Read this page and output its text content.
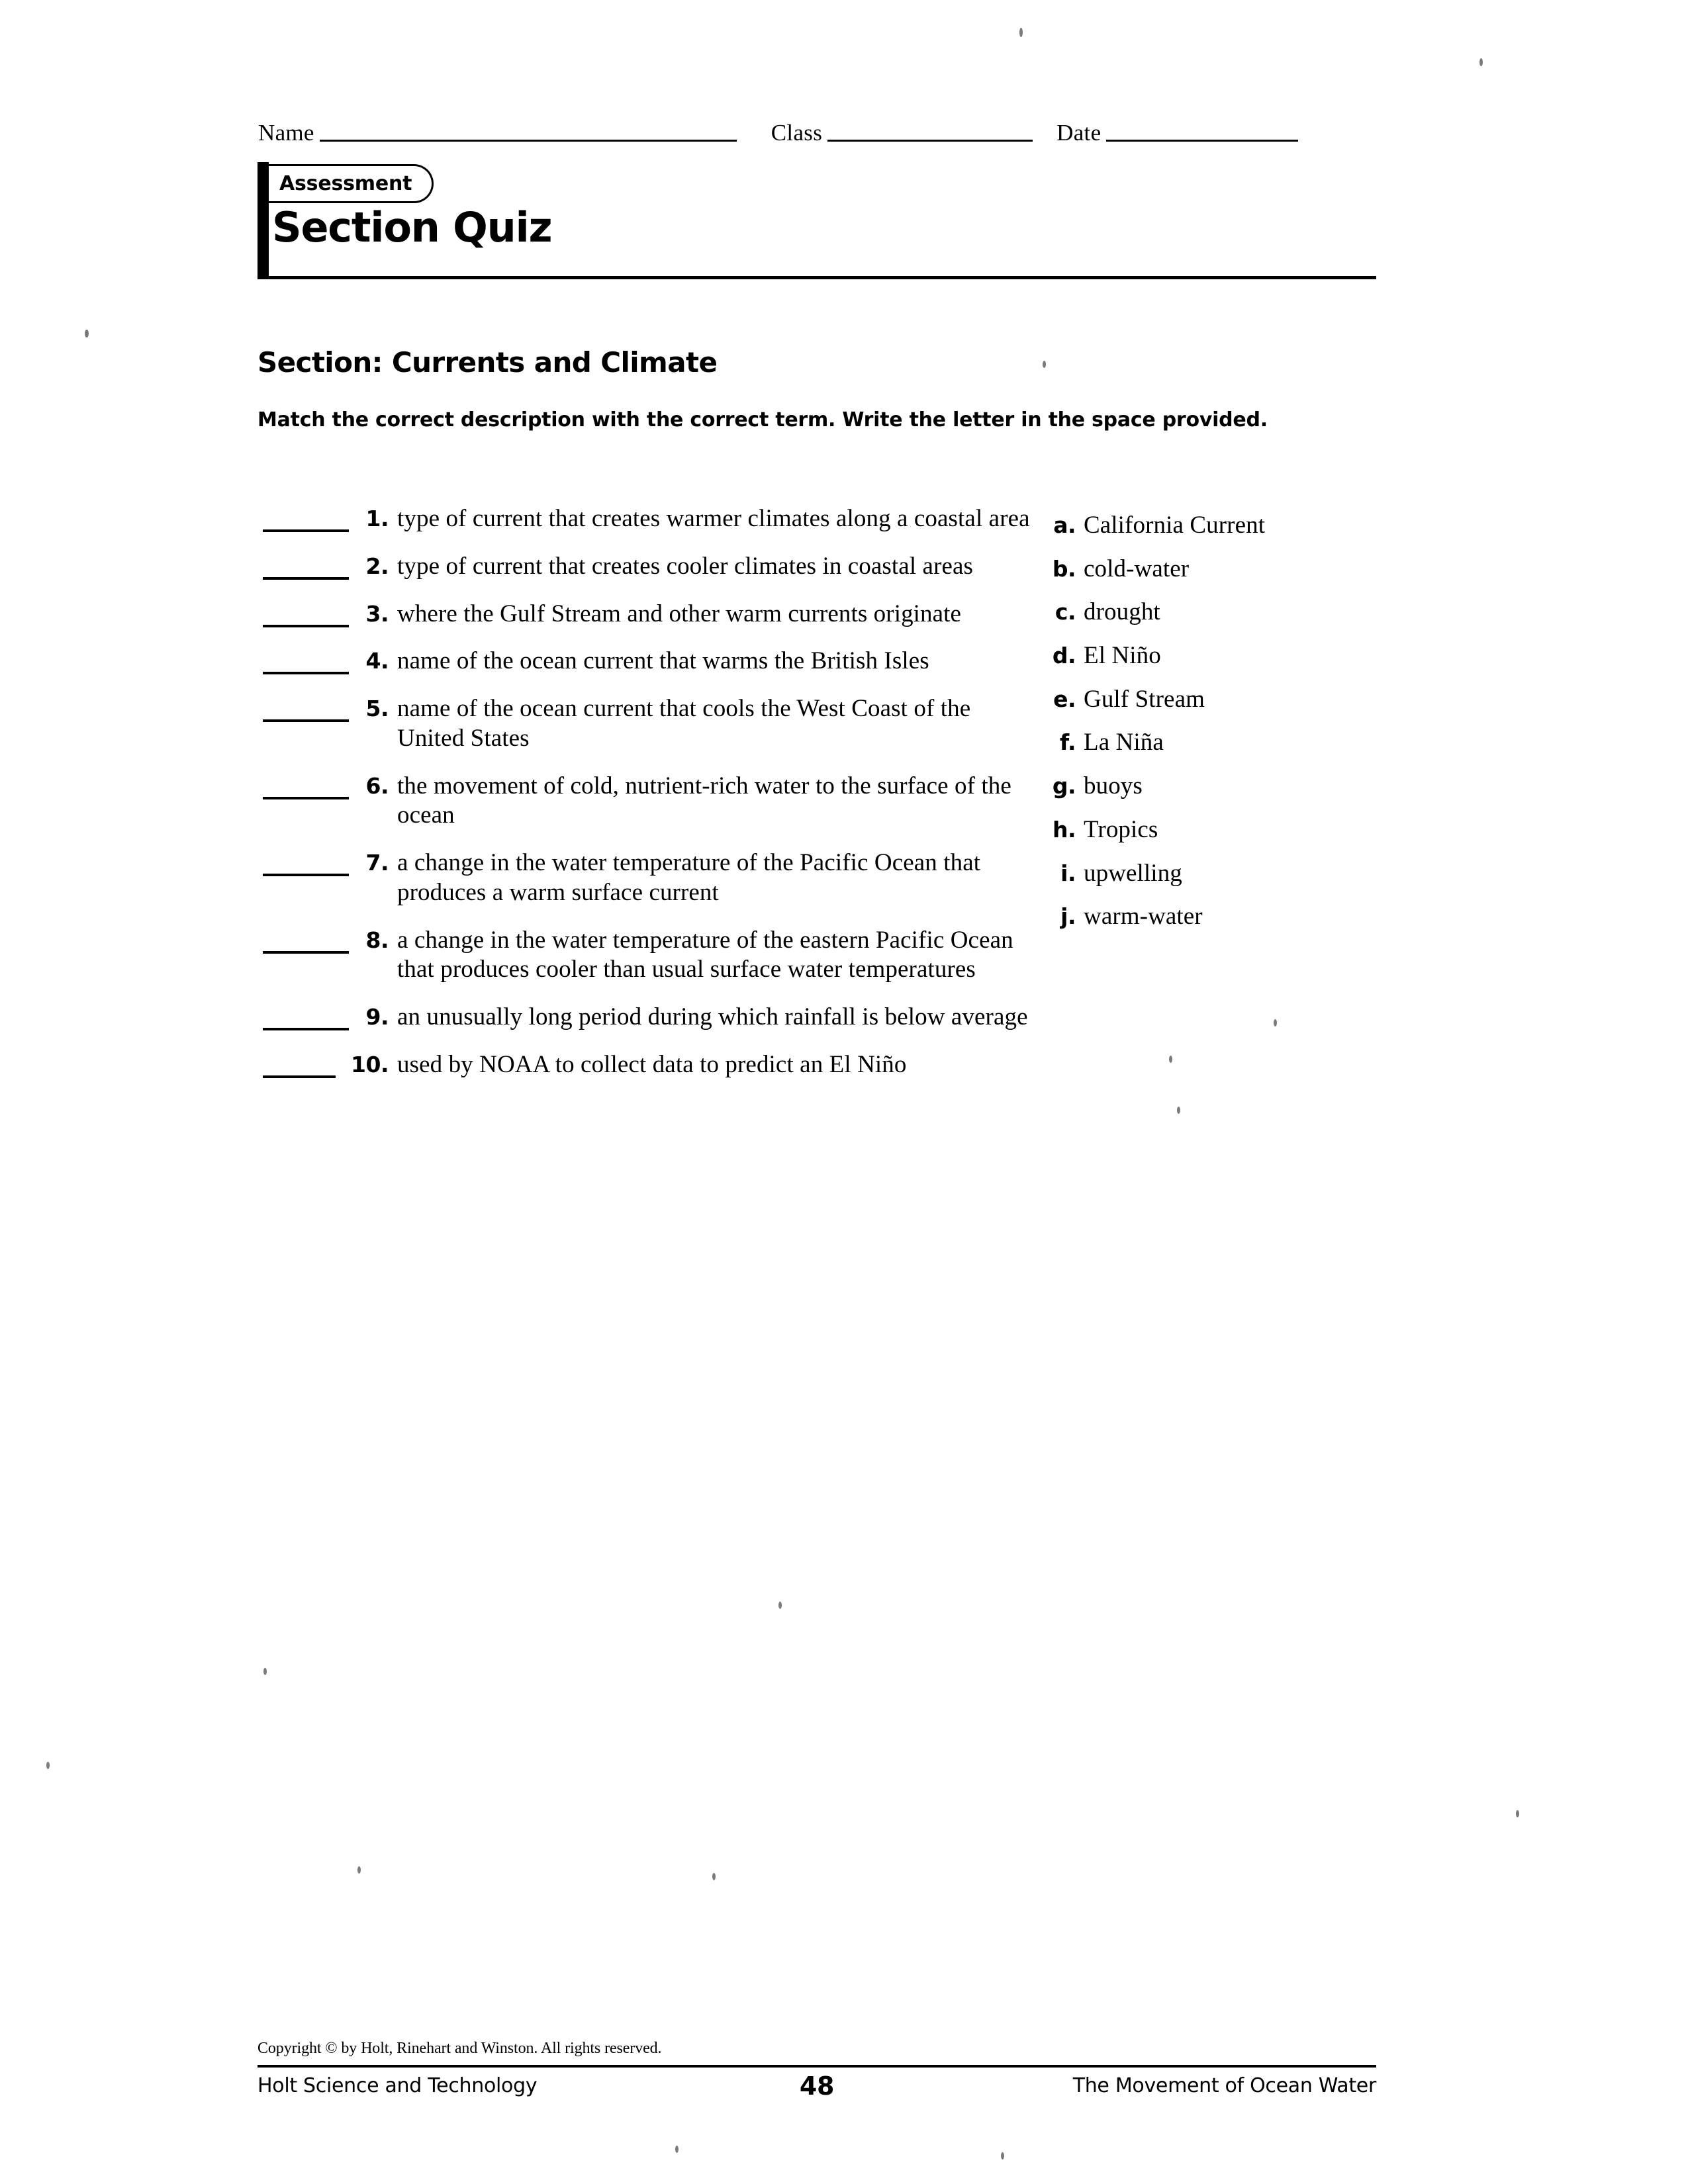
Name	Class	Date
Assessment
Section Quiz
Section: Currents and Climate
Match the correct description with the correct term. Write the letter in the space provided.
1. type of current that creates warmer climates along a coastal area
2. type of current that creates cooler climates in coastal areas
3. where the Gulf Stream and other warm currents originate
4. name of the ocean current that warms the British Isles
5. name of the ocean current that cools the West Coast of the United States
6. the movement of cold, nutrient-rich water to the surface of the ocean
7. a change in the water temperature of the Pacific Ocean that produces a warm surface current
8. a change in the water temperature of the eastern Pacific Ocean that produces cooler than usual surface water temperatures
9. an unusually long period during which rainfall is below average
10. used by NOAA to collect data to predict an El Niño
a. California Current
b. cold-water
c. drought
d. El Niño
e. Gulf Stream
f. La Niña
g. buoys
h. Tropics
i. upwelling
j. warm-water
Copyright © by Holt, Rinehart and Winston. All rights reserved.
Holt Science and Technology	48	The Movement of Ocean Water
